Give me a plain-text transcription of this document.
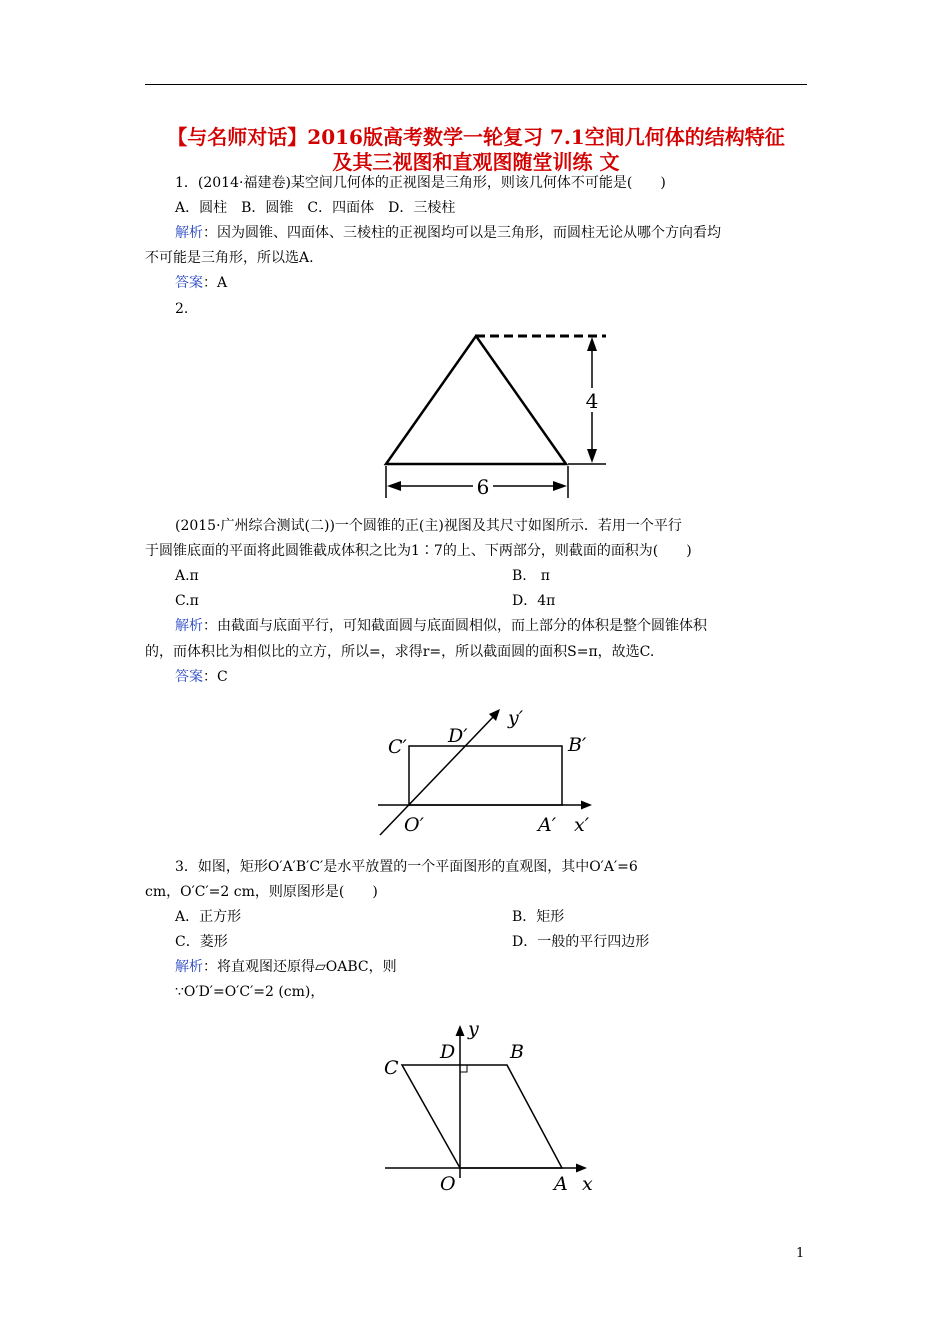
【与名师对话】2016版高考数学一轮复习 7.1空间几何体的结构特征
及其三视图和直观图随堂训练 文
1．(2014·福建卷)某空间几何体的正视图是三角形，则该几何体不可能是(　　)
A．圆柱　B．圆锥　C．四面体　D．三棱柱
解析：因为圆锥、四面体、三棱柱的正视图均可以是三角形，而圆柱无论从哪个方向看均
不可能是三角形，所以选A.
答案：A
2.
4
6
(2015·广州综合测试(二))一个圆锥的正(主)视图及其尺寸如图所示．若用一个平行
于圆锥底面的平面将此圆锥截成体积之比为1∶7的上、下两部分，则截面的面积为(　　)
A.π	B.　π
C.π	D．4π
解析：由截面与底面平行，可知截面圆与底面圆相似，而上部分的体积是整个圆锥体积
的，而体积比为相似比的立方，所以=，求得r=，所以截面圆的面积S=π，故选C.
答案：C
C′ D′
y′
B′
O′	A′ x′
3．如图，矩形O′A′B′C′是水平放置的一个平面图形的直观图，其中O′A′=6
cm，O′C′=2 cm，则原图形是(　　)
A．正方形	B．矩形
C．菱形	D．一般的平行四边形
解析：将直观图还原得▱OABC，则
∵O′D′=O′C′=2 (cm)，
y
D	B
C
O	A x
1
